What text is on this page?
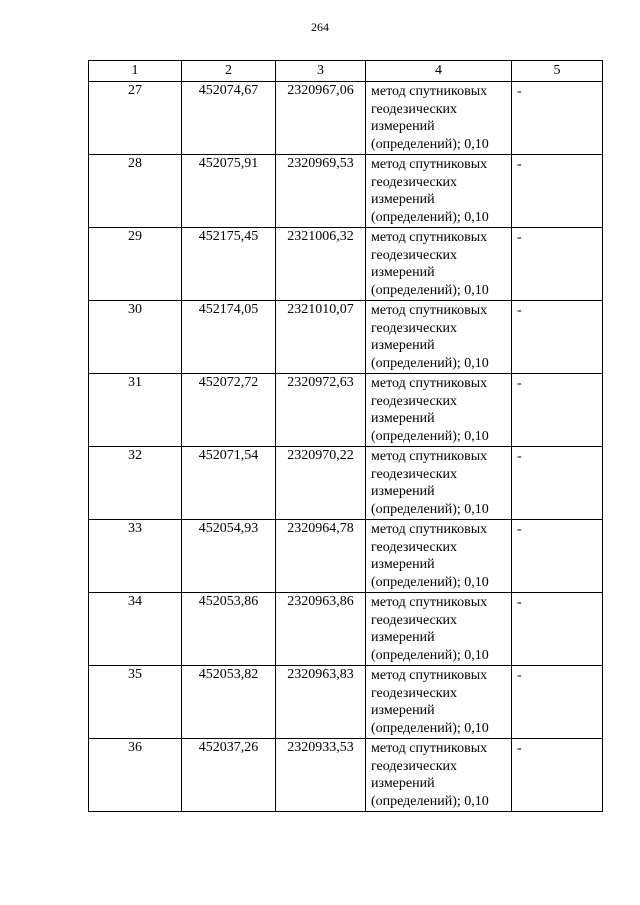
264
1	2	3	4	5
27	452074,67	2320967,06	метод спутниковых
геодезических
измерений
(определений); 0,10	-
28	452075,91	2320969,53	метод спутниковых
геодезических
измерений
(определений); 0,10	-
29	452175,45	2321006,32	метод спутниковых
геодезических
измерений
(определений); 0,10	-
30	452174,05	2321010,07	метод спутниковых
геодезических
измерений
(определений); 0,10	-
31	452072,72	2320972,63	метод спутниковых
геодезических
измерений
(определений); 0,10	-
32	452071,54	2320970,22	метод спутниковых
геодезических
измерений
(определений); 0,10	-
33	452054,93	2320964,78	метод спутниковых
геодезических
измерений
(определений); 0,10	-
34	452053,86	2320963,86	метод спутниковых
геодезических
измерений
(определений); 0,10	-
35	452053,82	2320963,83	метод спутниковых
геодезических
измерений
(определений); 0,10	-
36	452037,26	2320933,53	метод спутниковых
геодезических
измерений
(определений); 0,10	-
